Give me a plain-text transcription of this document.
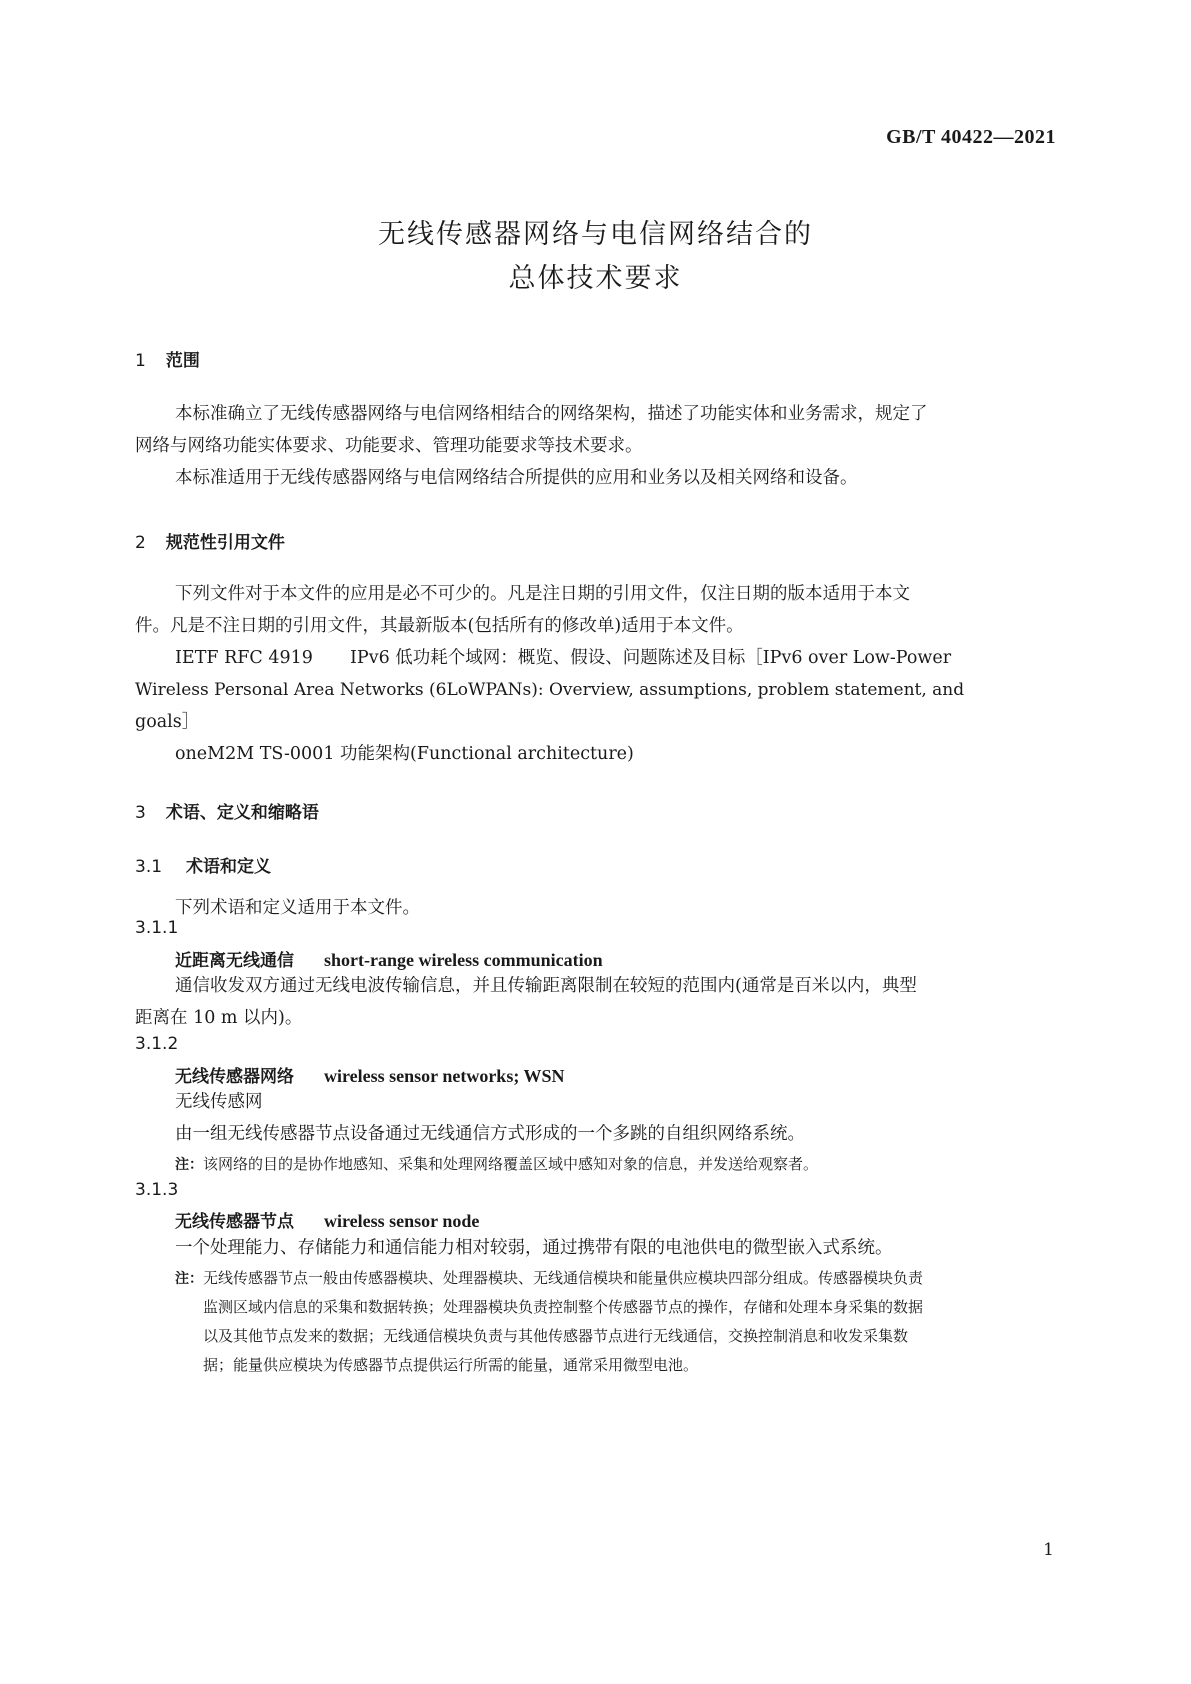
GB/T 40422—2021
无线传感器网络与电信网络结合的
总体技术要求
1 范围
本标准确立了无线传感器网络与电信网络相结合的网络架构，描述了功能实体和业务需求，规定了
网络与网络功能实体要求、功能要求、管理功能要求等技术要求。
本标准适用于无线传感器网络与电信网络结合所提供的应用和业务以及相关网络和设备。
2 规范性引用文件
下列文件对于本文件的应用是必不可少的。凡是注日期的引用文件，仅注日期的版本适用于本文
件。凡是不注日期的引用文件，其最新版本(包括所有的修改单)适用于本文件。
IETF RFC 4919 IPv6 低功耗个域网：概览、假设、问题陈述及目标［IPv6 over Low-Power
Wireless Personal Area Networks (6LoWPANs): Overview, assumptions, problem statement, and
goals］
oneM2M TS-0001 功能架构(Functional architecture)
3 术语、定义和缩略语
3.1 术语和定义
下列术语和定义适用于本文件。
3.1.1
近距离无线通信 short-range wireless communication
通信收发双方通过无线电波传输信息，并且传输距离限制在较短的范围内(通常是百米以内，典型
距离在 10 m 以内)。
3.1.2
无线传感器网络 wireless sensor networks; WSN
无线传感网
由一组无线传感器节点设备通过无线通信方式形成的一个多跳的自组织网络系统。
注：该网络的目的是协作地感知、采集和处理网络覆盖区域中感知对象的信息，并发送给观察者。
3.1.3
无线传感器节点 wireless sensor node
一个处理能力、存储能力和通信能力相对较弱，通过携带有限的电池供电的微型嵌入式系统。
注：无线传感器节点一般由传感器模块、处理器模块、无线通信模块和能量供应模块四部分组成。传感器模块负责
监测区域内信息的采集和数据转换；处理器模块负责控制整个传感器节点的操作，存储和处理本身采集的数据
以及其他节点发来的数据；无线通信模块负责与其他传感器节点进行无线通信，交换控制消息和收发采集数
据；能量供应模块为传感器节点提供运行所需的能量，通常采用微型电池。
1
